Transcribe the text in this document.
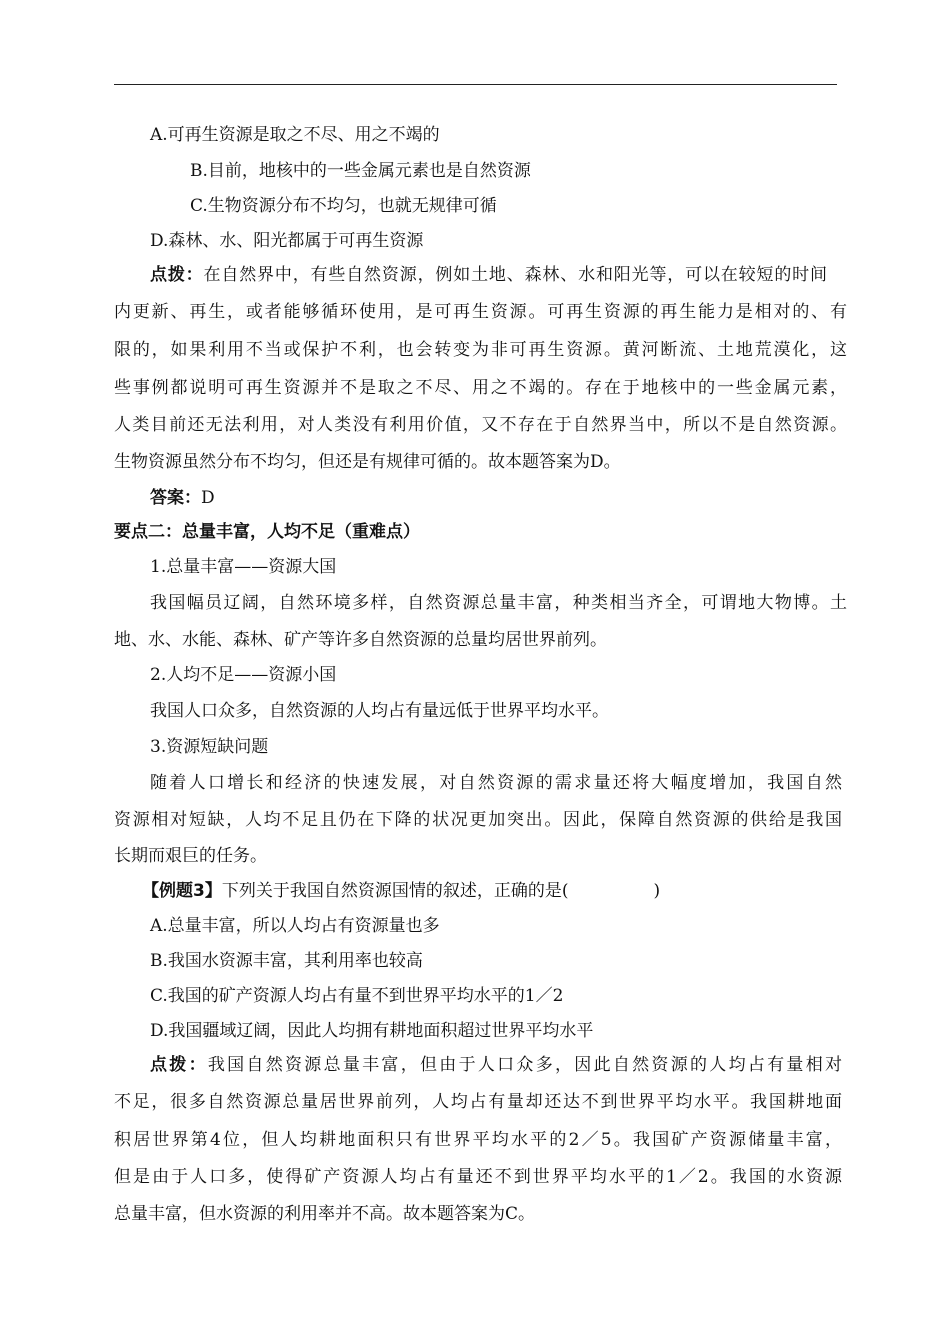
A.可再生资源是取之不尽、用之不竭的
B.目前，地核中的一些金属元素也是自然资源
C.生物资源分布不均匀，也就无规律可循
D.森林、水、阳光都属于可再生资源
点拨：在自然界中，有些自然资源，例如土地、森林、水和阳光等，可以在较短的时间
内更新、再生，或者能够循环使用，是可再生资源。可再生资源的再生能力是相对的、有
限的，如果利用不当或保护不利，也会转变为非可再生资源。黄河断流、土地荒漠化，这
些事例都说明可再生资源并不是取之不尽、用之不竭的。存在于地核中的一些金属元素，
人类目前还无法利用，对人类没有利用价值，又不存在于自然界当中，所以不是自然资源。
生物资源虽然分布不均匀，但还是有规律可循的。故本题答案为D。
答案：D
要点二：总量丰富，人均不足（重难点）
1.总量丰富——资源大国
我国幅员辽阔，自然环境多样，自然资源总量丰富，种类相当齐全，可谓地大物博。土
地、水、水能、森林、矿产等许多自然资源的总量均居世界前列。
2.人均不足——资源小国
我国人口众多，自然资源的人均占有量远低于世界平均水平。
3.资源短缺问题
随着人口增长和经济的快速发展，对自然资源的需求量还将大幅度增加，我国自然
资源相对短缺，人均不足且仍在下降的状况更加突出。因此，保障自然资源的供给是我国
长期而艰巨的任务。
【例题3】下列关于我国自然资源国情的叙述，正确的是(　　　　　)
A.总量丰富，所以人均占有资源量也多
B.我国水资源丰富，其利用率也较高
C.我国的矿产资源人均占有量不到世界平均水平的1／2
D.我国疆域辽阔，因此人均拥有耕地面积超过世界平均水平
点拨：我国自然资源总量丰富，但由于人口众多，因此自然资源的人均占有量相对
不足，很多自然资源总量居世界前列，人均占有量却还达不到世界平均水平。我国耕地面
积居世界第4位，但人均耕地面积只有世界平均水平的2／5。我国矿产资源储量丰富，
但是由于人口多，使得矿产资源人均占有量还不到世界平均水平的1／2。我国的水资源
总量丰富，但水资源的利用率并不高。故本题答案为C。
